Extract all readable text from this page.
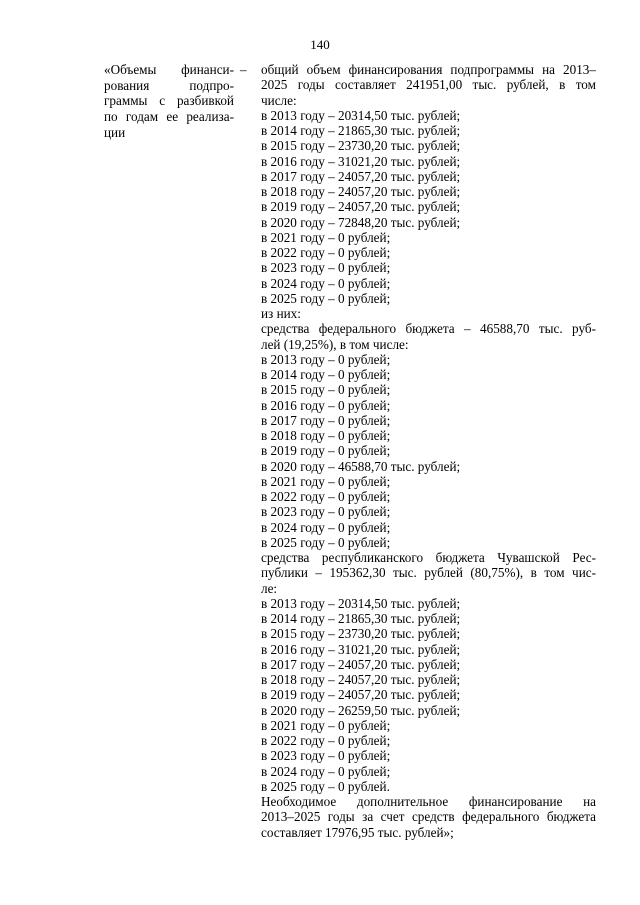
140
«Объемы финанси-
рования подпро-
граммы с разбивкой
по годам ее реализа-
ции
– общий объем финансирования подпрограммы на 2013–
2025 годы составляет 241951,00 тыс. рублей, в том
числе:
в 2013 году – 20314,50 тыс. рублей;
в 2014 году – 21865,30 тыс. рублей;
в 2015 году – 23730,20 тыс. рублей;
в 2016 году – 31021,20 тыс. рублей;
в 2017 году – 24057,20 тыс. рублей;
в 2018 году – 24057,20 тыс. рублей;
в 2019 году – 24057,20 тыс. рублей;
в 2020 году – 72848,20 тыс. рублей;
в 2021 году – 0 рублей;
в 2022 году – 0 рублей;
в 2023 году – 0 рублей;
в 2024 году – 0 рублей;
в 2025 году – 0 рублей;
из них:
средства федерального бюджета – 46588,70 тыс. руб-
лей (19,25%), в том числе:
в 2013 году – 0 рублей;
в 2014 году – 0 рублей;
в 2015 году – 0 рублей;
в 2016 году – 0 рублей;
в 2017 году – 0 рублей;
в 2018 году – 0 рублей;
в 2019 году – 0 рублей;
в 2020 году – 46588,70 тыс. рублей;
в 2021 году – 0 рублей;
в 2022 году – 0 рублей;
в 2023 году – 0 рублей;
в 2024 году – 0 рублей;
в 2025 году – 0 рублей;
средства республиканского бюджета Чувашской Рес-
публики – 195362,30 тыс. рублей (80,75%), в том чис-
ле:
в 2013 году – 20314,50 тыс. рублей;
в 2014 году – 21865,30 тыс. рублей;
в 2015 году – 23730,20 тыс. рублей;
в 2016 году – 31021,20 тыс. рублей;
в 2017 году – 24057,20 тыс. рублей;
в 2018 году – 24057,20 тыс. рублей;
в 2019 году – 24057,20 тыс. рублей;
в 2020 году – 26259,50 тыс. рублей;
в 2021 году – 0 рублей;
в 2022 году – 0 рублей;
в 2023 году – 0 рублей;
в 2024 году – 0 рублей;
в 2025 году – 0 рублей.
Необходимое дополнительное финансирование на
2013–2025 годы за счет средств федерального бюджета
составляет 17976,95 тыс. рублей»;
